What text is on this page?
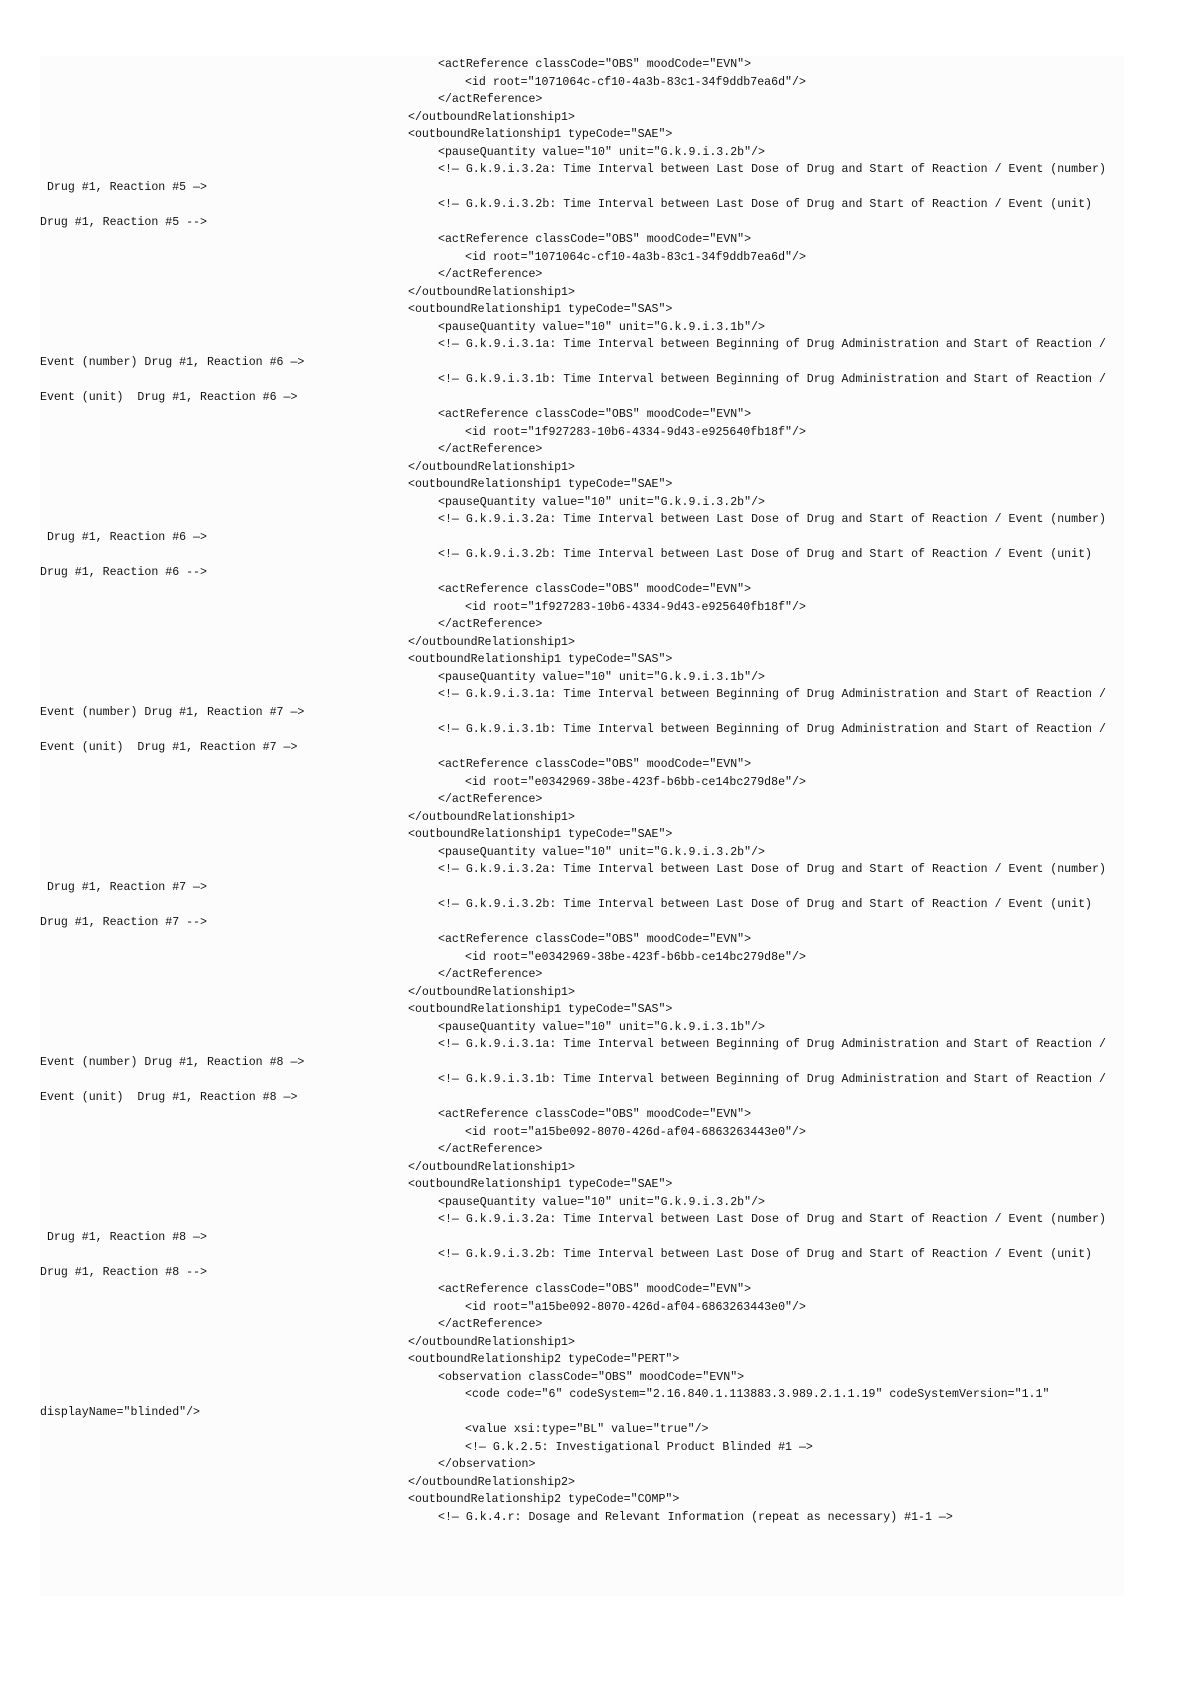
<actReference classCode="OBS" moodCode="EVN">
<id root="1071064c-cf10-4a3b-83c1-34f9ddb7ea6d"/>
</actReference>
</outboundRelationship1>
<outboundRelationship1 typeCode="SAE">
<pauseQuantity value="10" unit="G.k.9.i.3.2b"/>
<!— G.k.9.i.3.2a: Time Interval between Last Dose of Drug and Start of Reaction / Event (number)
Drug #1, Reaction #5 —>
<!— G.k.9.i.3.2b: Time Interval between Last Dose of Drug and Start of Reaction / Event (unit)
Drug #1, Reaction #5 -->
<actReference classCode="OBS" moodCode="EVN">
<id root="1071064c-cf10-4a3b-83c1-34f9ddb7ea6d"/>
</actReference>
</outboundRelationship1>
<outboundRelationship1 typeCode="SAS">
<pauseQuantity value="10" unit="G.k.9.i.3.1b"/>
<!— G.k.9.i.3.1a: Time Interval between Beginning of Drug Administration and Start of Reaction /
Event (number) Drug #1, Reaction #6 —>
<!— G.k.9.i.3.1b: Time Interval between Beginning of Drug Administration and Start of Reaction /
Event (unit)  Drug #1, Reaction #6 —>
<actReference classCode="OBS" moodCode="EVN">
<id root="1f927283-10b6-4334-9d43-e925640fb18f"/>
</actReference>
</outboundRelationship1>
<outboundRelationship1 typeCode="SAE">
<pauseQuantity value="10" unit="G.k.9.i.3.2b"/>
<!— G.k.9.i.3.2a: Time Interval between Last Dose of Drug and Start of Reaction / Event (number)
Drug #1, Reaction #6 —>
<!— G.k.9.i.3.2b: Time Interval between Last Dose of Drug and Start of Reaction / Event (unit)
Drug #1, Reaction #6 -->
<actReference classCode="OBS" moodCode="EVN">
<id root="1f927283-10b6-4334-9d43-e925640fb18f"/>
</actReference>
</outboundRelationship1>
<outboundRelationship1 typeCode="SAS">
<pauseQuantity value="10" unit="G.k.9.i.3.1b"/>
<!— G.k.9.i.3.1a: Time Interval between Beginning of Drug Administration and Start of Reaction /
Event (number) Drug #1, Reaction #7 —>
<!— G.k.9.i.3.1b: Time Interval between Beginning of Drug Administration and Start of Reaction /
Event (unit)  Drug #1, Reaction #7 —>
<actReference classCode="OBS" moodCode="EVN">
<id root="e0342969-38be-423f-b6bb-ce14bc279d8e"/>
</actReference>
</outboundRelationship1>
<outboundRelationship1 typeCode="SAE">
<pauseQuantity value="10" unit="G.k.9.i.3.2b"/>
<!— G.k.9.i.3.2a: Time Interval between Last Dose of Drug and Start of Reaction / Event (number)
Drug #1, Reaction #7 —>
<!— G.k.9.i.3.2b: Time Interval between Last Dose of Drug and Start of Reaction / Event (unit)
Drug #1, Reaction #7 -->
<actReference classCode="OBS" moodCode="EVN">
<id root="e0342969-38be-423f-b6bb-ce14bc279d8e"/>
</actReference>
</outboundRelationship1>
<outboundRelationship1 typeCode="SAS">
<pauseQuantity value="10" unit="G.k.9.i.3.1b"/>
<!— G.k.9.i.3.1a: Time Interval between Beginning of Drug Administration and Start of Reaction /
Event (number) Drug #1, Reaction #8 —>
<!— G.k.9.i.3.1b: Time Interval between Beginning of Drug Administration and Start of Reaction /
Event (unit)  Drug #1, Reaction #8 —>
<actReference classCode="OBS" moodCode="EVN">
<id root="a15be092-8070-426d-af04-6863263443e0"/>
</actReference>
</outboundRelationship1>
<outboundRelationship1 typeCode="SAE">
<pauseQuantity value="10" unit="G.k.9.i.3.2b"/>
<!— G.k.9.i.3.2a: Time Interval between Last Dose of Drug and Start of Reaction / Event (number)
Drug #1, Reaction #8 —>
<!— G.k.9.i.3.2b: Time Interval between Last Dose of Drug and Start of Reaction / Event (unit)
Drug #1, Reaction #8 -->
<actReference classCode="OBS" moodCode="EVN">
<id root="a15be092-8070-426d-af04-6863263443e0"/>
</actReference>
</outboundRelationship1>
<outboundRelationship2 typeCode="PERT">
<observation classCode="OBS" moodCode="EVN">
<code code="6" codeSystem="2.16.840.1.113883.3.989.2.1.1.19" codeSystemVersion="1.1"
displayName="blinded"/>
<value xsi:type="BL" value="true"/>
<!— G.k.2.5: Investigational Product Blinded #1 —>
</observation>
</outboundRelationship2>
<outboundRelationship2 typeCode="COMP">
<!— G.k.4.r: Dosage and Relevant Information (repeat as necessary) #1-1 —>
